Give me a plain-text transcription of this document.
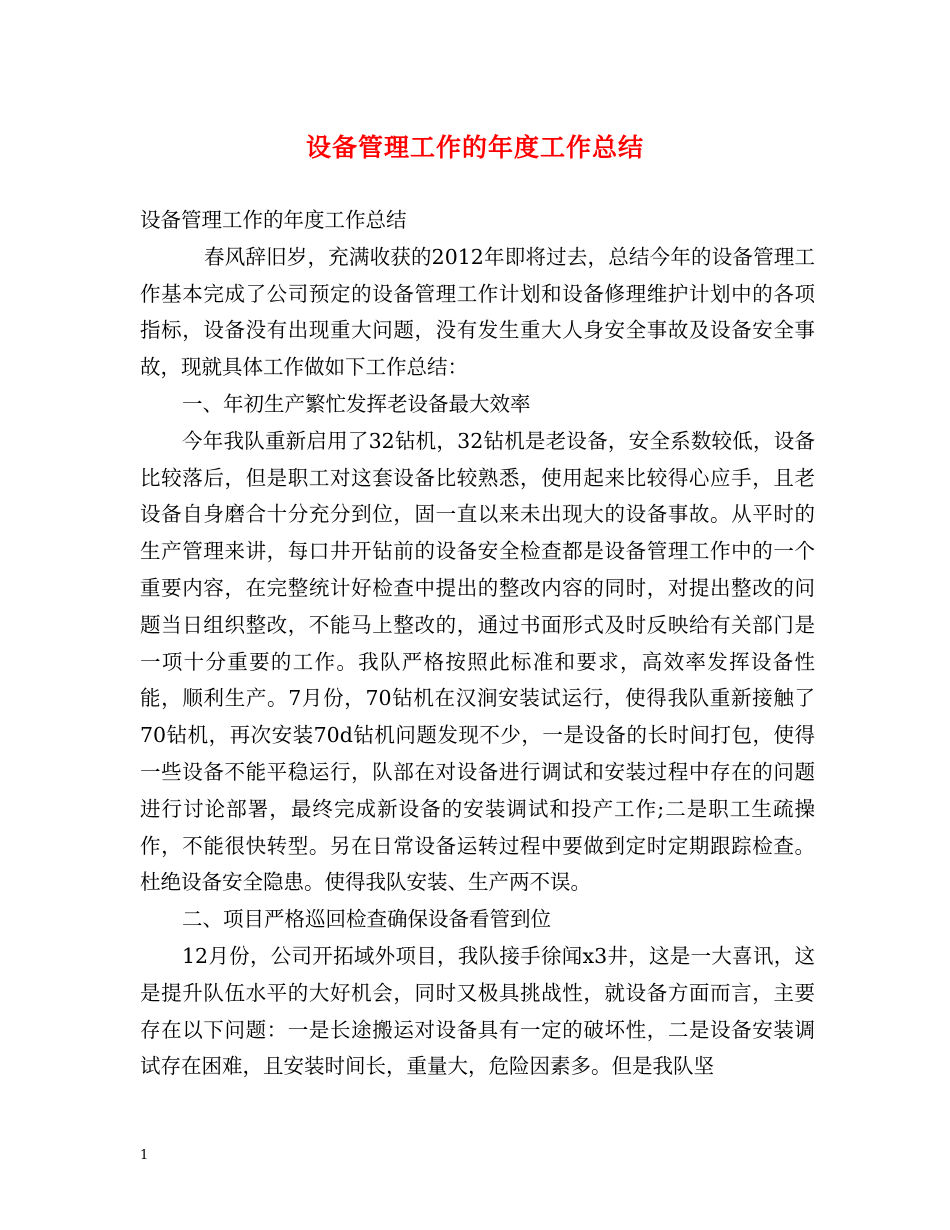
设备管理工作的年度工作总结

设备管理工作的年度工作总结

春风辞旧岁，充满收获的2012年即将过去，总结今年的设备管理工作基本完成了公司预定的设备管理工作计划和设备修理维护计划中的各项指标，设备没有出现重大问题，没有发生重大人身安全事故及设备安全事故，现就具体工作做如下工作总结：

一、年初生产繁忙发挥老设备最大效率

今年我队重新启用了32钻机，32钻机是老设备，安全系数较低，设备比较落后，但是职工对这套设备比较熟悉，使用起来比较得心应手，且老设备自身磨合十分充分到位，固一直以来未出现大的设备事故。从平时的生产管理来讲，每口井开钻前的设备安全检查都是设备管理工作中的一个重要内容，在完整统计好检查中提出的整改内容的同时，对提出整改的问题当日组织整改，不能马上整改的，通过书面形式及时反映给有关部门是一项十分重要的工作。我队严格按照此标准和要求，高效率发挥设备性能，顺利生产。7月份，70钻机在汉涧安装试运行，使得我队重新接触了70钻机，再次安装70d钻机问题发现不少，一是设备的长时间打包，使得一些设备不能平稳运行，队部在对设备进行调试和安装过程中存在的问题进行讨论部署，最终完成新设备的安装调试和投产工作;二是职工生疏操作，不能很快转型。另在日常设备运转过程中要做到定时定期跟踪检查。杜绝设备安全隐患。使得我队安装、生产两不误。

二、项目严格巡回检查确保设备看管到位

12月份，公司开拓域外项目，我队接手徐闻x3井，这是一大喜讯，这是提升队伍水平的大好机会，同时又极具挑战性，就设备方面而言，主要存在以下问题：一是长途搬运对设备具有一定的破坏性，二是设备安装调试存在困难，且安装时间长，重量大，危险因素多。但是我队坚

1
